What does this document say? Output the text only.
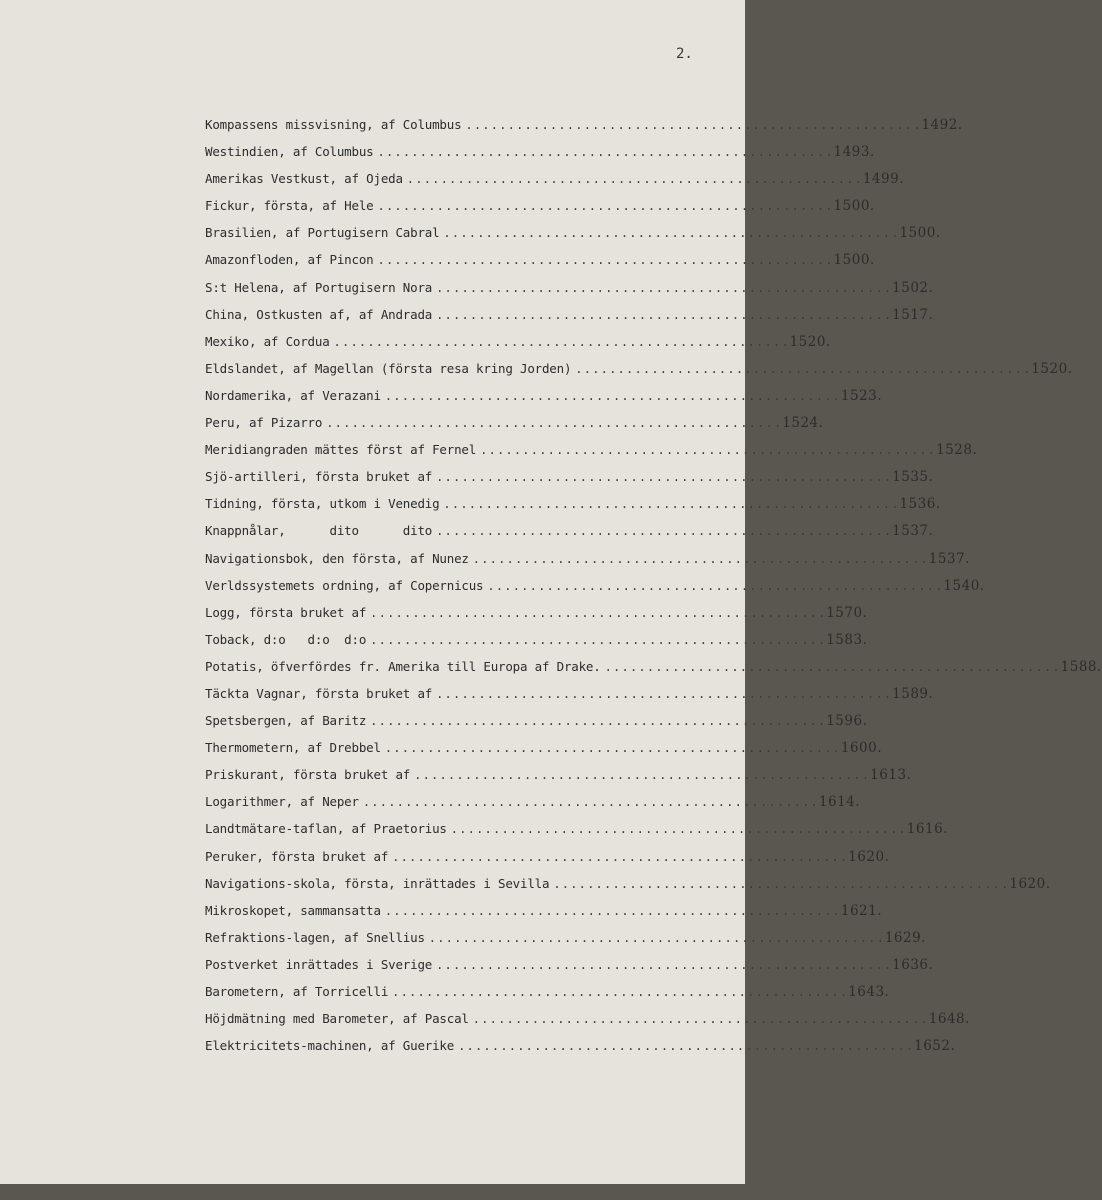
2.
Kompassens missvisning, af Columbus . . .	1492.
Westindien, af Columbus . . .	1493.
Amerikas Vestkust, af Ojeda . . .	1499.
Fickur, första, af Hele . . .	1500.
Brasilien, af Portugisern Cabral . . .	1500.
Amazonfloden, af Pincon . . .	1500.
S:t Helena, af Portugisern Nora . . .	1502.
China, Ostkusten af, af Andrada . . .	1517.
Mexiko, af Cordua . . .	1520.
Eldslandet, af Magellan (första resa kring Jorden) . . .	1520.
Nordamerika, af Verazani . . .	1523.
Peru, af Pizarro . . .	1524.
Meridiangraden mättes först af Fernel . . .	1528.
Sjö-artilleri, första bruket af . . .	1535.
Tidning, första, utkom i Venedig . . .	1536.
Knappnålar,      dito      dito . . .	1537.
Navigationsbok, den första, af Nunez . . .	1537.
Verldssystemets ordning, af Copernicus . . .	1540.
Logg, första bruket af . . .	1570.
Toback, d:o   d:o  d:o . . .	1583.
Potatis, öfverfördes fr. Amerika till Europa af Drake. . . .	1588.
Täckta Vagnar, första bruket af . . .	1589.
Spetsbergen, af Baritz . . .	1596.
Thermometern, af Drebbel . . .	1600.
Priskurant, första bruket af . . .	1613.
Logarithmer, af Neper . . .	1614.
Landtmätare-taflan, af Praetorius . . .	1616.
Peruker, första bruket af . . .	1620.
Navigations-skola, första, inrättades i Sevilla . . .	1620.
Mikroskopet, sammansatta . . .	1621.
Refraktions-lagen, af Snellius . . .	1629.
Postverket inrättades i Sverige . . .	1636.
Barometern, af Torricelli . . .	1643.
Höjdmätning med Barometer, af Pascal . . .	1648.
Elektricitets-machinen, af Guerike . . .	1652.
